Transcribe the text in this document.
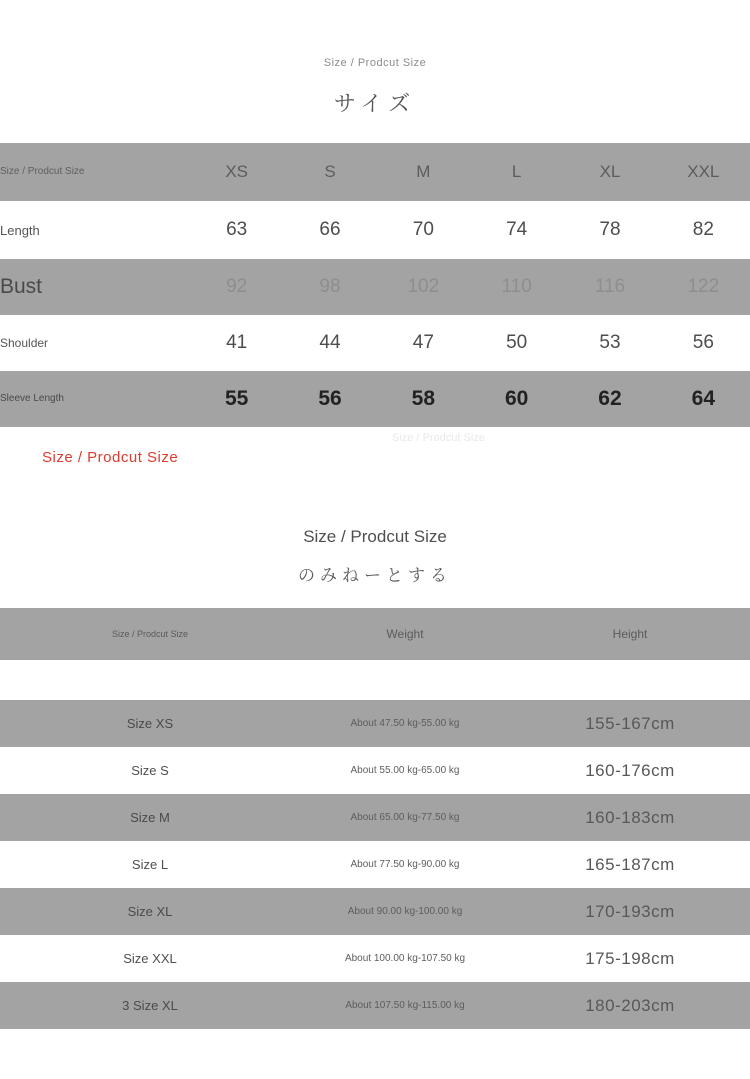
Size / Prodcut Size
サイズ
Size / Prodcut Size	XS	S	M	L	XL	XXL
Length	63	66	70	74	78	82
Bust	92	98	102	110	116	122
Shoulder	41	44	47	50	53	56
Sleeve Length	55	56	58	60	62	64
Size / Prodcut Size
Size / Prodcut Size
Size / Prodcut Size
のみねーとする
Size / Prodcut Size	Weight	Height

Size XS	About 47.50 kg-55.00 kg	155-167cm
Size S	About 55.00 kg-65.00 kg	160-176cm
Size M	About 65.00 kg-77.50 kg	160-183cm
Size L	About 77.50 kg-90.00 kg	165-187cm
Size XL	About 90.00 kg-100.00 kg	170-193cm
Size XXL	About 100.00 kg-107.50 kg	175-198cm
3 Size XL	About 107.50 kg-115.00 kg	180-203cm
